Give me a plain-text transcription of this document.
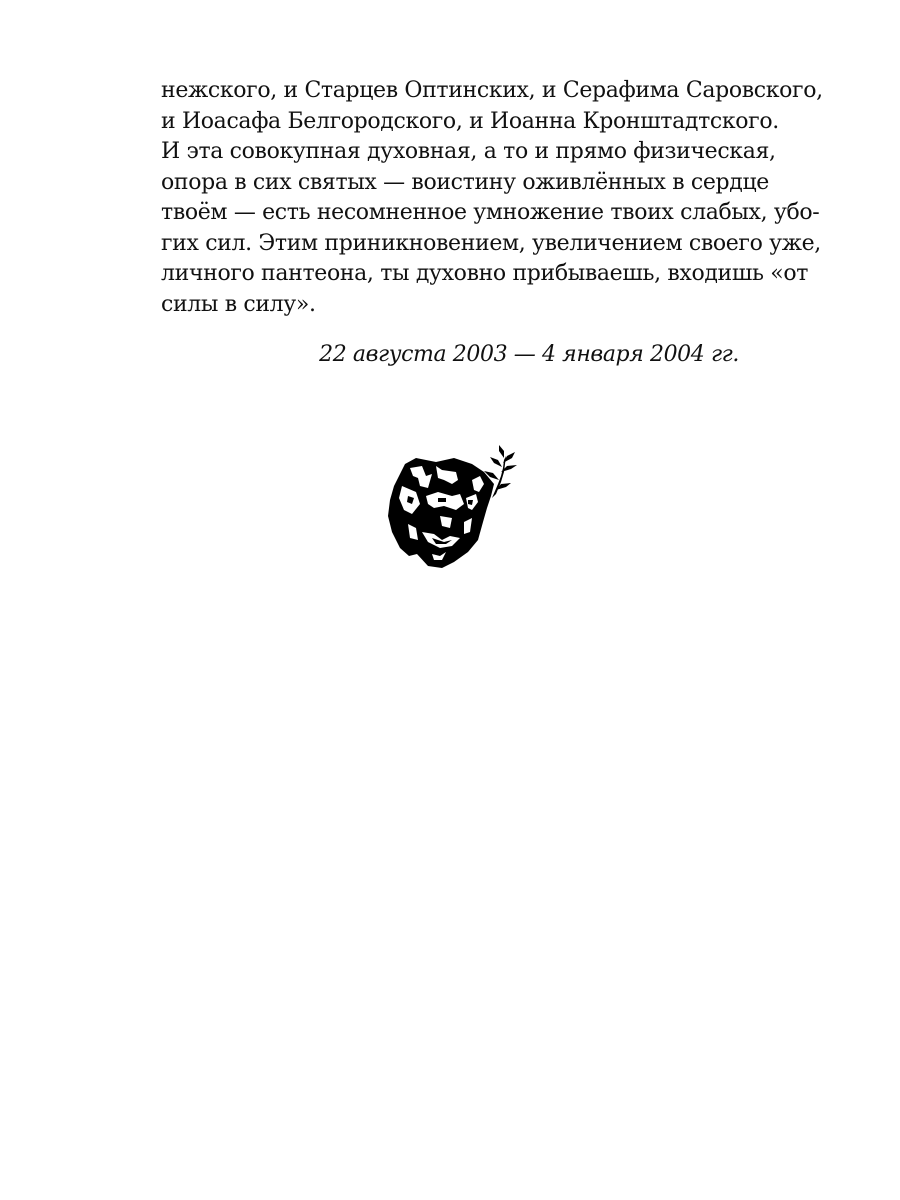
нежского, и Старцев Оптинских, и Серафима Саровского,
и Иоасафа Белгородского, и Иоанна Кронштадтского.
И эта совокупная духовная, а то и прямо физическая,
опора в сих святых — воистину оживлённых в сердце
твоём — есть несомненное умножение твоих слабых, убо-
гих сил. Этим приникновением, увеличением своего уже,
личного пантеона, ты духовно прибываешь, входишь «от
силы в силу».
22 августа 2003 — 4 января 2004 гг.
